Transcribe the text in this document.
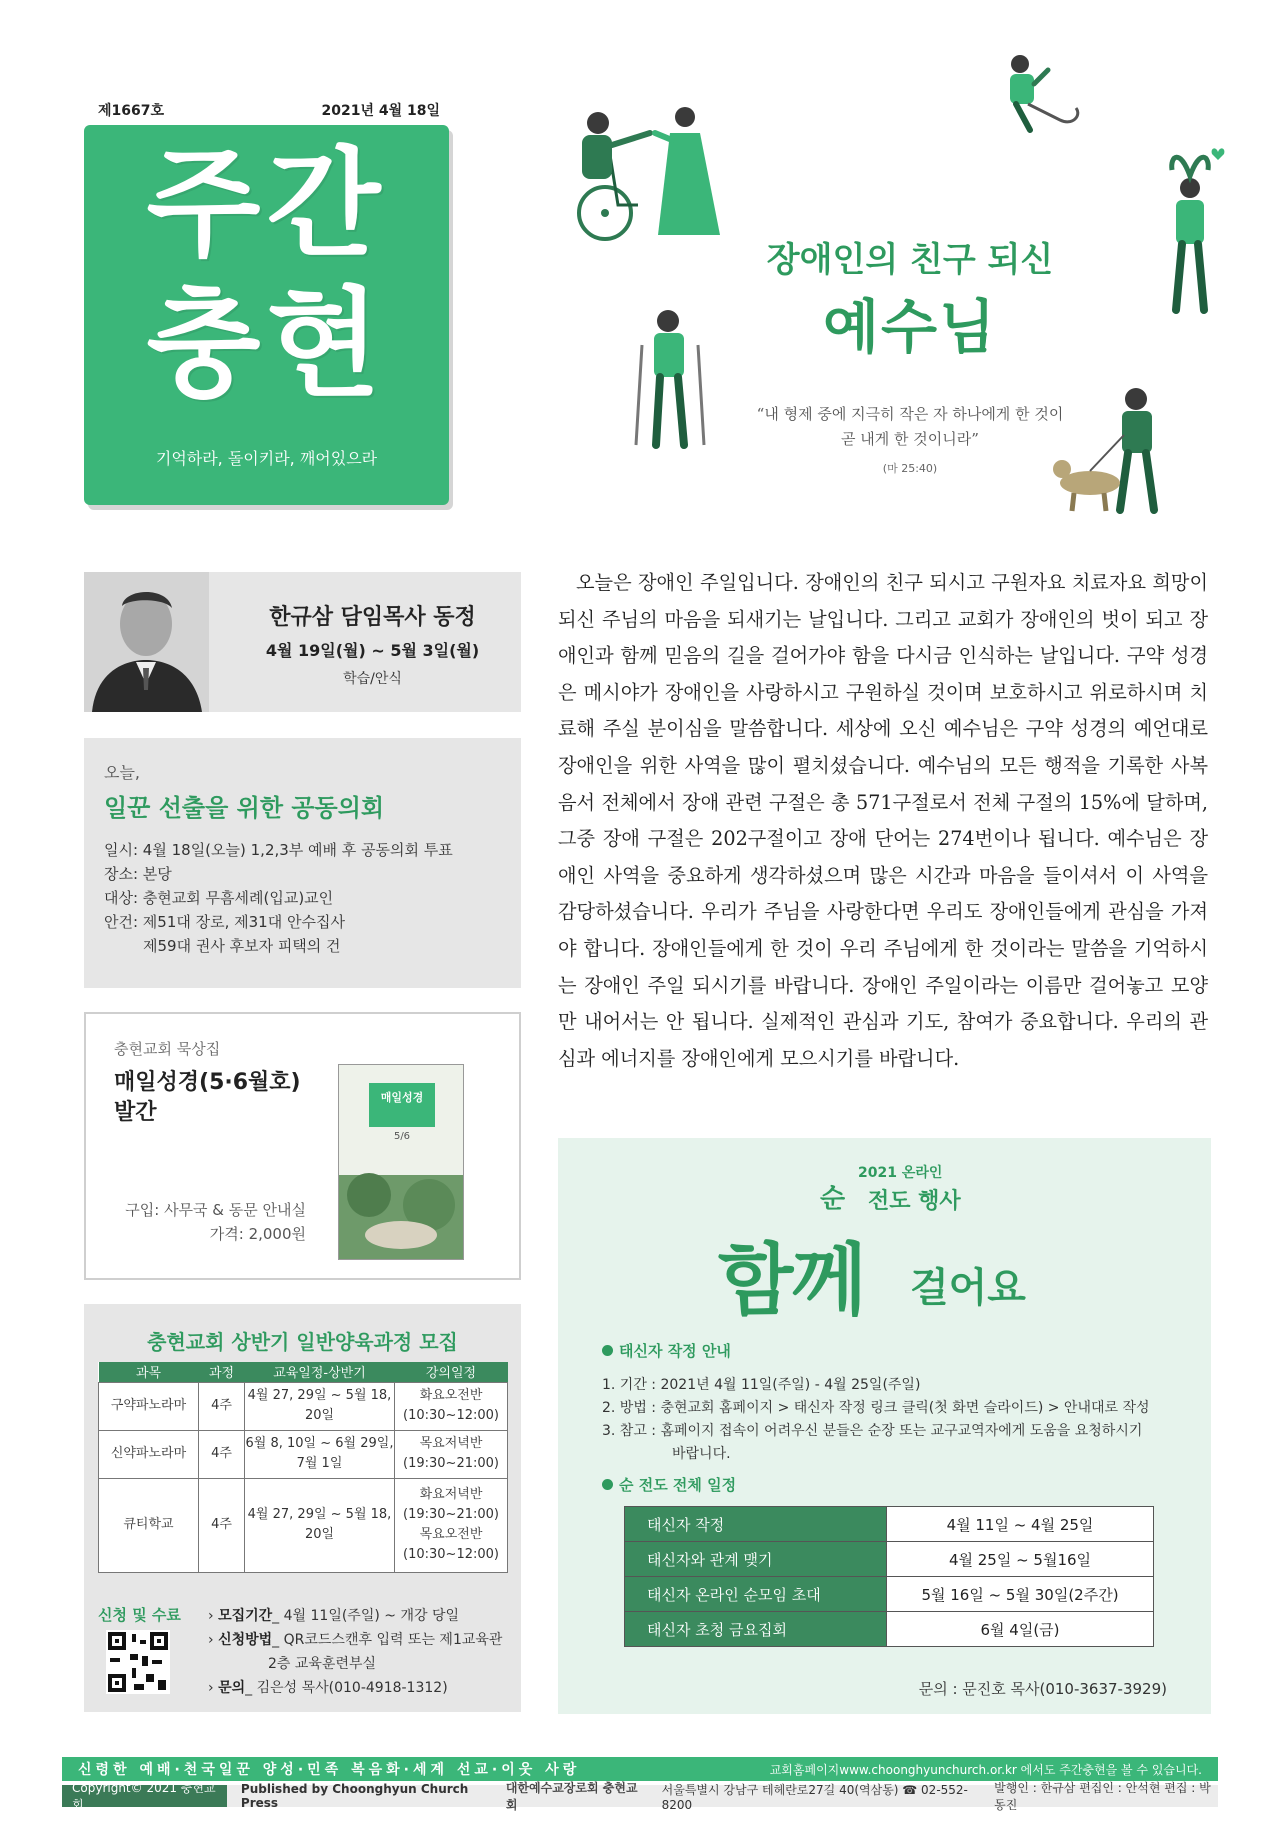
제1667호	2021년 4월 18일
주간
충현
기억하라, 돌이키라, 깨어있으라
장애인의 친구 되신
예수님
“내 형제 중에 지극히 작은 자 하나에게 한 것이
곧 내게 한 것이니라”
(마 25:40)
한규삼 담임목사 동정
4월 19일(월) ~ 5월 3일(월)
학습/안식
오늘,
일꾼 선출을 위한 공동의회
일시: 4월 18일(오늘) 1,2,3부 예배 후 공동의회 투표
장소: 본당
대상: 충현교회 무흠세례(입교)교인
안건: 제51대 장로, 제31대 안수집사
제59대 권사 후보자 피택의 건
충현교회 묵상집
매일성경(5·6월호)
발간
구입: 사무국 & 동문 안내실
가격: 2,000원
매일성경
5/6
충현교회 상반기 일반양육과정 모집
과목	과정	교육일정-상반기	강의일정
구약파노라마	4주	4월 27, 29일 ~ 5월 18, 20일	화요오전반 (10:30~12:00)
신약파노라마	4주	6월 8, 10일 ~ 6월 29일, 7월 1일	목요저녁반 (19:30~21:00)
큐티학교	4주	4월 27, 29일 ~ 5월 18, 20일	화요저녁반 (19:30~21:00) 목요오전반 (10:30~12:00)
신청 및 수료 › 모집기간_ 4월 11일(주일) ~ 개강 당일
› 신청방법_ QR코드스캔후 입력 또는 제1교육관
2층 교육훈련부실
› 문의_ 김은성 목사(010-4918-1312)
오늘은 장애인 주일입니다. 장애인의 친구 되시고 구원자요 치료자요 희망이 되신 주님의 마음을 되새기는 날입니다. 그리고 교회가 장애인의 벗이 되고 장애인과 함께 믿음의 길을 걸어가야 함을 다시금 인식하는 날입니다. 구약 성경은 메시야가 장애인을 사랑하시고 구원하실 것이며 보호하시고 위로하시며 치료해 주실 분이심을 말씀합니다. 세상에 오신 예수님은 구약 성경의 예언대로 장애인을 위한 사역을 많이 펼치셨습니다. 예수님의 모든 행적을 기록한 사복음서 전체에서 장애 관련 구절은 총 571구절로서 전체 구절의 15%에 달하며, 그중 장애 구절은 202구절이고 장애 단어는 274번이나 됩니다. 예수님은 장애인 사역을 중요하게 생각하셨으며 많은 시간과 마음을 들이셔서 이 사역을 감당하셨습니다. 우리가 주님을 사랑한다면 우리도 장애인들에게 관심을 가져야 합니다. 장애인들에게 한 것이 우리 주님에게 한 것이라는 말씀을 기억하시는 장애인 주일 되시기를 바랍니다. 장애인 주일이라는 이름만 걸어놓고 모양만 내어서는 안 됩니다. 실제적인 관심과 기도, 참여가 중요합니다. 우리의 관심과 에너지를 장애인에게 모으시기를 바랍니다.
2021 온라인
순 전도 행사
함께 걸어요
태신자 작정 안내
1. 기간 : 2021년 4월 11일(주일) - 4월 25일(주일)
2. 방법 : 충현교회 홈페이지 > 태신자 작정 링크 클릭(첫 화면 슬라이드) > 안내대로 작성
3. 참고 : 홈페이지 접속이 어려우신 분들은 순장 또는 교구교역자에게 도움을 요청하시기
바랍니다.
순 전도 전체 일정
태신자 작정	4월 11일 ~ 4월 25일
태신자와 관계 맺기	4월 25일 ~ 5월16일
태신자 온라인 순모임 초대	5월 16일 ~ 5월 30일(2주간)
태신자 초청 금요집회	6월 4일(금)
문의 : 문진호 목사(010-3637-3929)
신령한 예배·천국일꾼 양성·민족 복음화·세계 선교·이웃 사랑	교회홈페이지www.choonghyunchurch.or.kr 에서도 주간충현을 볼 수 있습니다.
Copyright© 2021 충현교회
Published by Choonghyun Church Press
대한예수교장로회 충현교회
서울특별시 강남구 테헤란로27길 40(역삼동) ☎ 02-552-8200
발행인 : 한규삼 편집인 : 안석현 편집 : 박동진
